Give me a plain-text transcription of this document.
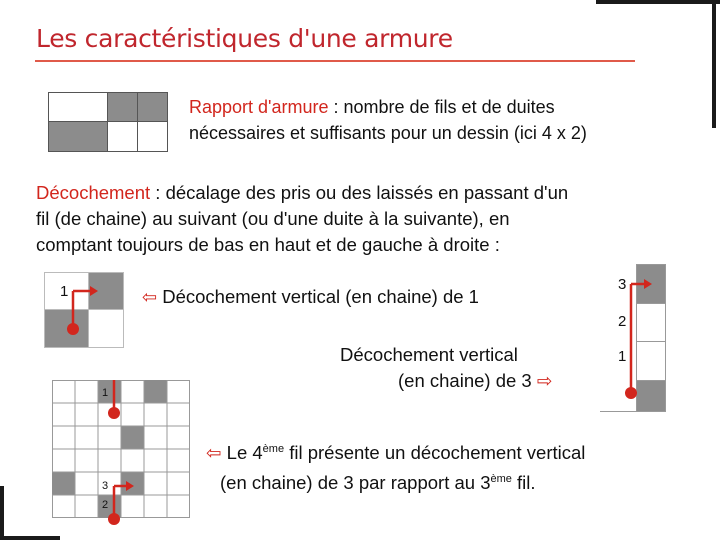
Les caractéristiques d'une armure
Rapport d'armure : nombre de fils et de duites
nécessaires et suffisants pour un dessin (ici 4 x 2)
Décochement : décalage des pris ou des laissés en passant d'un
fil (de chaine) au suivant (ou d'une duite à la suivante), en
comptant toujours de bas en haut et de gauche à droite :
1	⇦ Décochement vertical (en chaine) de 1
3
2
1
Décochement vertical
(en chaine) de 3 ⇨
1
3
2
⇦ Le 4ème fil présente un décochement vertical
(en chaine) de 3 par rapport au 3ème fil.
